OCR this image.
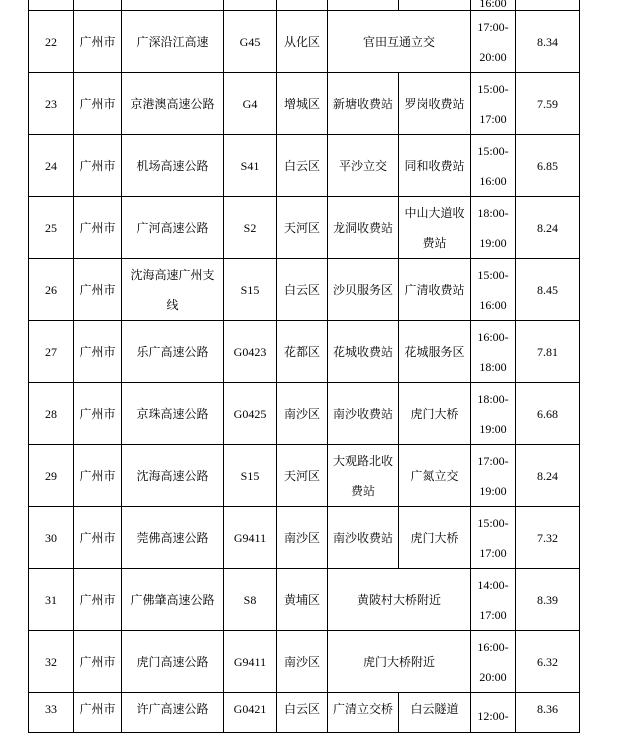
							16:00	
22	广州市	广深沿江高速	G45	从化区	官田互通立交		17:00-
20:00	8.34
23	广州市	京港澳高速公路	G4	增城区	新塘收费站	罗岗收费站	15:00-
17:00	7.59
24	广州市	机场高速公路	S41	白云区	平沙立交	同和收费站	15:00-
16:00	6.85
25	广州市	广河高速公路	S2	天河区	龙洞收费站	中山大道收
费站	18:00-
19:00	8.24
26	广州市	沈海高速广州支
线	S15	白云区	沙贝服务区	广清收费站	15:00-
16:00	8.45
27	广州市	乐广高速公路	G0423	花都区	花城收费站	花城服务区	16:00-
18:00	7.81
28	广州市	京珠高速公路	G0425	南沙区	南沙收费站	虎门大桥	18:00-
19:00	6.68
29	广州市	沈海高速公路	S15	天河区	大观路北收
费站	广氮立交	17:00-
19:00	8.24
30	广州市	莞佛高速公路	G9411	南沙区	南沙收费站	虎门大桥	15:00-
17:00	7.32
31	广州市	广佛肇高速公路	S8	黄埔区	黄陂村大桥附近		14:00-
17:00	8.39
32	广州市	虎门高速公路	G9411	南沙区	虎门大桥附近		16:00-
20:00	6.32
33	广州市	许广高速公路	G0421	白云区	广清立交桥	白云隧道	12:00-	8.36
